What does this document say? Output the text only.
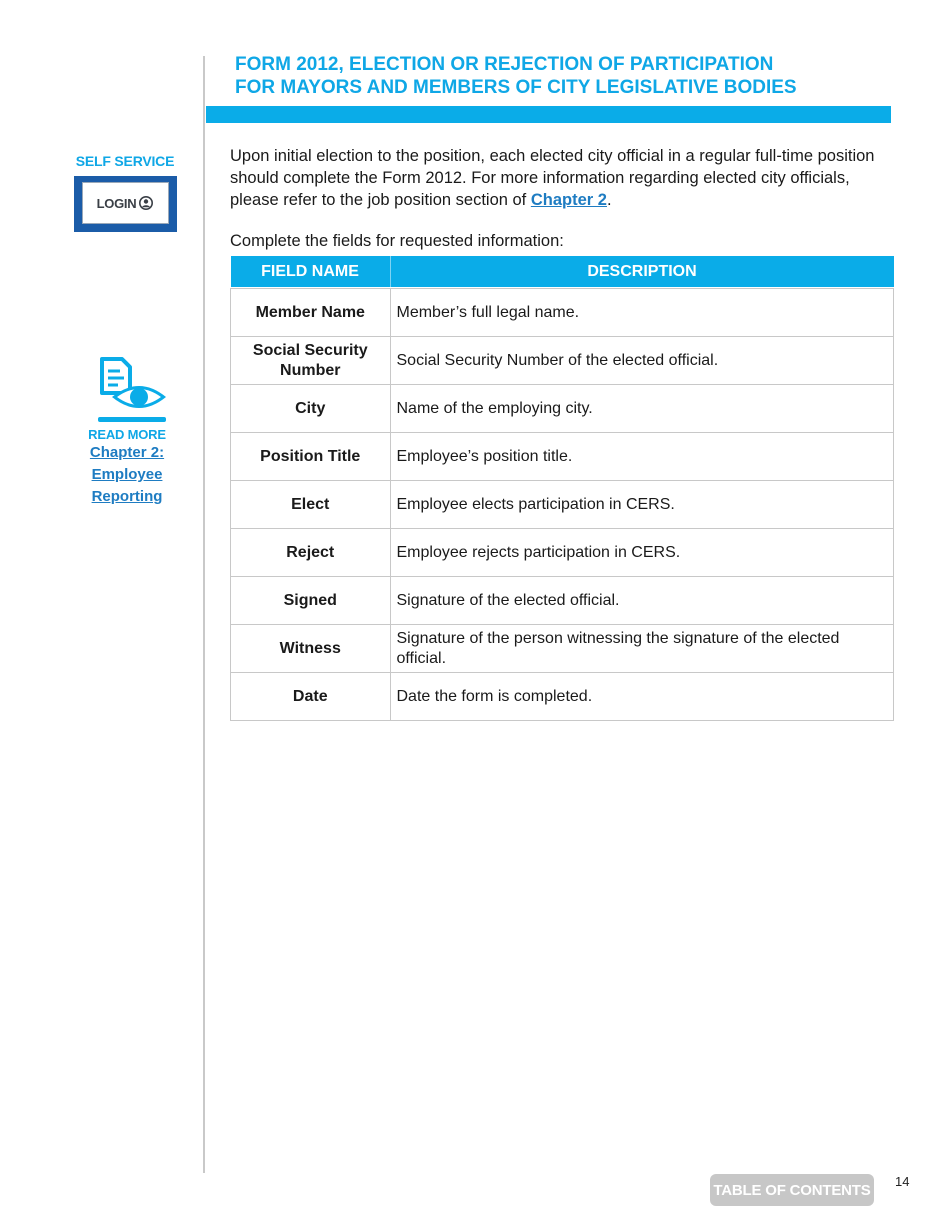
FORM 2012, ELECTION OR REJECTION OF PARTICIPATION
FOR MAYORS AND MEMBERS OF CITY LEGISLATIVE BODIES
SELF SERVICE
LOGIN
READ MORE
Chapter 2:
Employee
Reporting

Upon initial election to the position, each elected city official in a regular full-time position should complete the Form 2012. For more information regarding elected city officials, please refer to the job position section of Chapter 2.

Complete the fields for requested information:

FIELD NAME	DESCRIPTION

Member Name	Member’s full legal name.
Social Security Number	Social Security Number of the elected official.
City	Name of the employing city.
Position Title	Employee’s position title.
Elect	Employee elects participation in CERS.
Reject	Employee rejects participation in CERS.
Signed	Signature of the elected official.
Witness	Signature of the person witnessing the signature of the elected official.
Date	Date the form is completed.
TABLE OF CONTENTS 14
